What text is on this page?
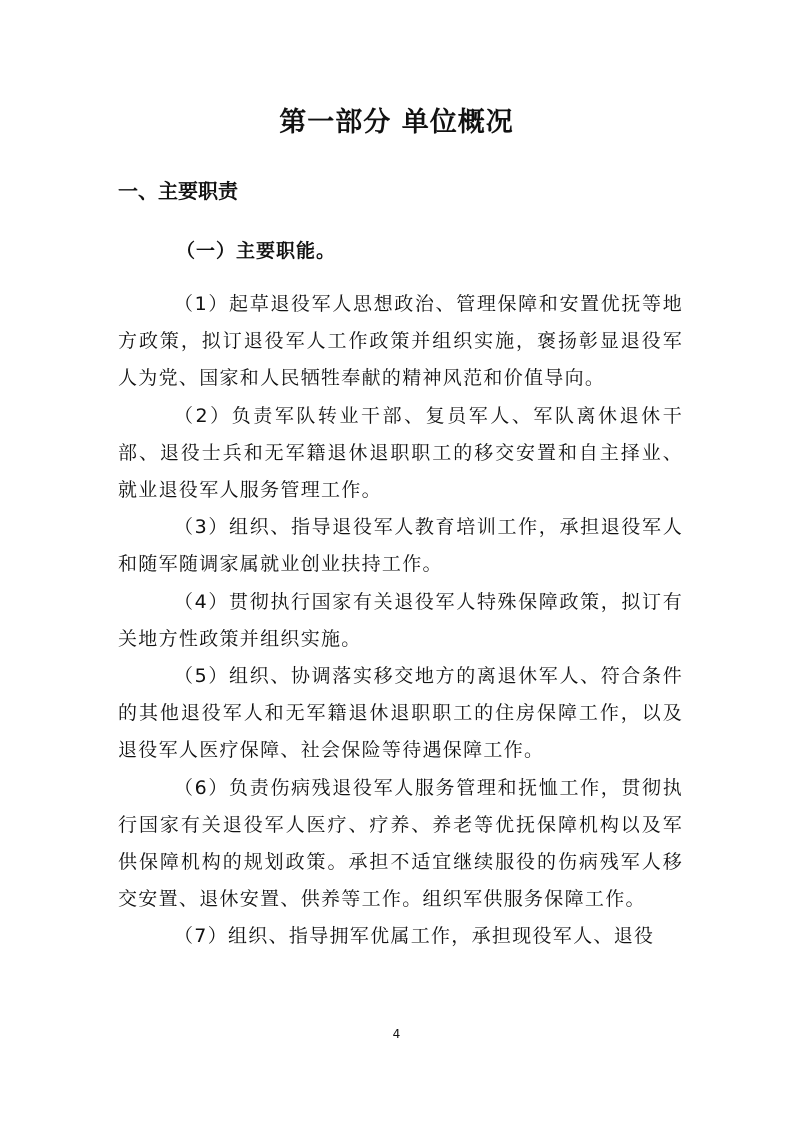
第一部分 单位概况
一、主要职责
（一）主要职能。

（1）起草退役军人思想政治、管理保障和安置优抚等地方政策，拟订退役军人工作政策并组织实施，褒扬彰显退役军人为党、国家和人民牺牲奉献的精神风范和价值导向。

（2）负责军队转业干部、复员军人、军队离休退休干部、退役士兵和无军籍退休退职职工的移交安置和自主择业、就业退役军人服务管理工作。

（3）组织、指导退役军人教育培训工作，承担退役军人和随军随调家属就业创业扶持工作。

（4）贯彻执行国家有关退役军人特殊保障政策，拟订有关地方性政策并组织实施。

（5）组织、协调落实移交地方的离退休军人、符合条件的其他退役军人和无军籍退休退职职工的住房保障工作，以及退役军人医疗保障、社会保险等待遇保障工作。

（6）负责伤病残退役军人服务管理和抚恤工作，贯彻执行国家有关退役军人医疗、疗养、养老等优抚保障机构以及军供保障机构的规划政策。承担不适宜继续服役的伤病残军人移交安置、退休安置、供养等工作。组织军供服务保障工作。

（7）组织、指导拥军优属工作，承担现役军人、退役

4
